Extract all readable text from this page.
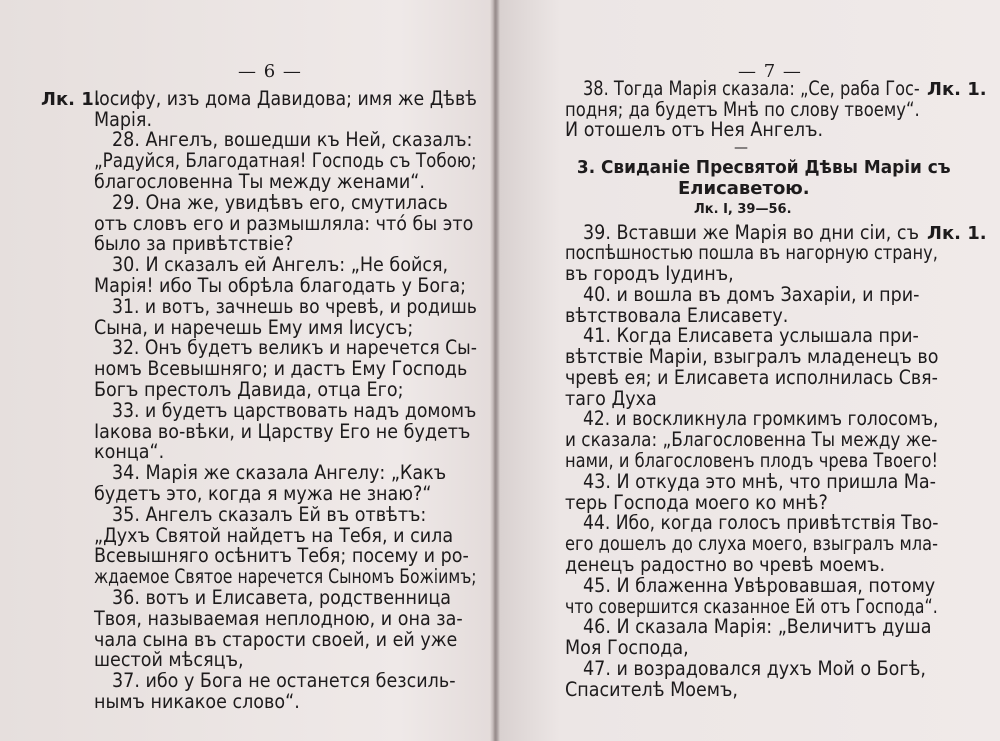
— 6 —
Лк. 1.
Іосифу, изъ дома Давидова; имя же Дѣвѣ
Марія.
28. Ангелъ, вошедши къ Ней, сказалъ:
„Радуйся, Благодатная! Господь съ Тобою;
благословенна Ты между женами“.
29. Она же, увидѣвъ его, смутилась
отъ словъ его и размышляла: чтó бы это
было за привѣтствіе?
30. И сказалъ ей Ангелъ: „Не бойся,
Марія! ибо Ты обрѣла благодать у Бога;
31. и вотъ, зачнешь во чревѣ, и родишь
Сына, и наречешь Ему имя Іисусъ;
32. Онъ будетъ великъ и наречется Сы-
номъ Всевышняго; и дастъ Ему Господь
Богъ престолъ Давида, отца Его;
33. и будетъ царствовать надъ домомъ
Іакова во-вѣки, и Царству Его не будетъ
конца“.
34. Марія же сказала Ангелу: „Какъ
будетъ это, когда я мужа не знаю?“
35. Ангелъ сказалъ Ей въ отвѣтъ:
„Духъ Святой найдетъ на Тебя, и сила
Всевышняго осѣнитъ Тебя; посему и ро-
ждаемое Святое наречется Сыномъ Божіимъ;
36. вотъ и Елисавета, родственница
Твоя, называемая неплодною, и она за-
чала сына въ старости своей, и ей уже
шестой мѣсяцъ,
37. ибо у Бога не останется безсиль-
нымъ никакое слово“.
— 7 —
Лк. 1.
Лк. 1.
38. Тогда Марія сказала: „Се, раба Гос-
подня; да будетъ Мнѣ по слову твоему“.
И отошелъ отъ Нея Ангелъ.
—
3. Свиданіе Пресвятой Дѣвы Маріи съ
Елисаветою.
Лк. І, 39—56.
39. Вставши же Марія во дни сіи, съ
поспѣшностью пошла въ нагорную страну,
въ городъ Іудинъ,
40. и вошла въ домъ Захаріи, и при-
вѣтствовала Елисавету.
41. Когда Елисавета услышала при-
вѣтствіе Маріи, взыгралъ младенецъ во
чревѣ ея; и Елисавета исполнилась Свя-
таго Духа
42. и воскликнула громкимъ голосомъ,
и сказала: „Благословенна Ты между же-
нами, и благословенъ плодъ чрева Твоего!
43. И откуда это мнѣ, что пришла Ма-
терь Господа моего ко мнѣ?
44. Ибо, когда голосъ привѣтствія Тво-
его дошелъ до слуха моего, взыгралъ мла-
денецъ радостно во чревѣ моемъ.
45. И блаженна Увѣровавшая, потому
что совершится сказанное Ей отъ Господа“.
46. И сказала Марія: „Величитъ душа
Моя Господа,
47. и возрадовался духъ Мой о Богѣ,
Спасителѣ Моемъ,
